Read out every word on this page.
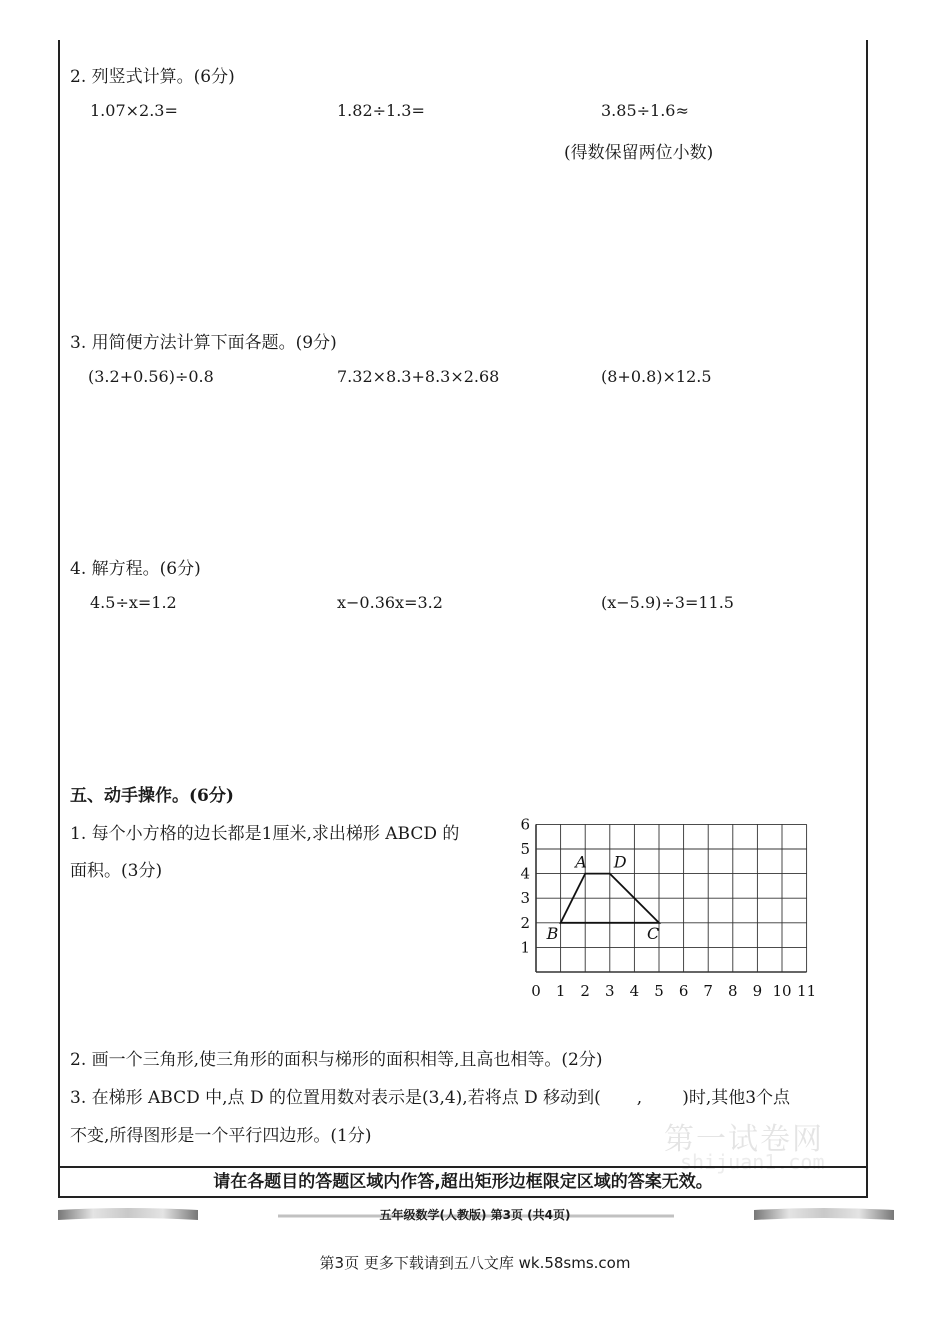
2. 列竖式计算。(6分)
1.07×2.3=	1.82÷1.3=	3.85÷1.6≈
(得数保留两位小数)
3. 用简便方法计算下面各题。(9分)
(3.2+0.56)÷0.8	7.32×8.3+8.3×2.68	(8+0.8)×12.5
4. 解方程。(6分)
4.5÷x=1.2	x−0.36x=3.2	(x−5.9)÷3=11.5
五、动手操作。(6分)
1. 每个小方格的边长都是1厘米,求出梯形 ABCD 的
面积。(3分)
0 1 2 3 4 5 6 7 8 9 10 11
1
2
3
4
5
6
A D
B	C
2. 画一个三角形,使三角形的面积与梯形的面积相等,且高也相等。(2分)
3. 在梯形 ABCD 中,点 D 的位置用数对表示是(3,4),若将点 D 移动到( , )时,其他3个点
不变,所得图形是一个平行四边形。(1分)	第一试卷网
shijuan1.com
请在各题目的答题区域内作答,超出矩形边框限定区域的答案无效。
五年级数学(人教版) 第3页 (共4页)
第3页 更多下载请到五八文库 wk.58sms.com
